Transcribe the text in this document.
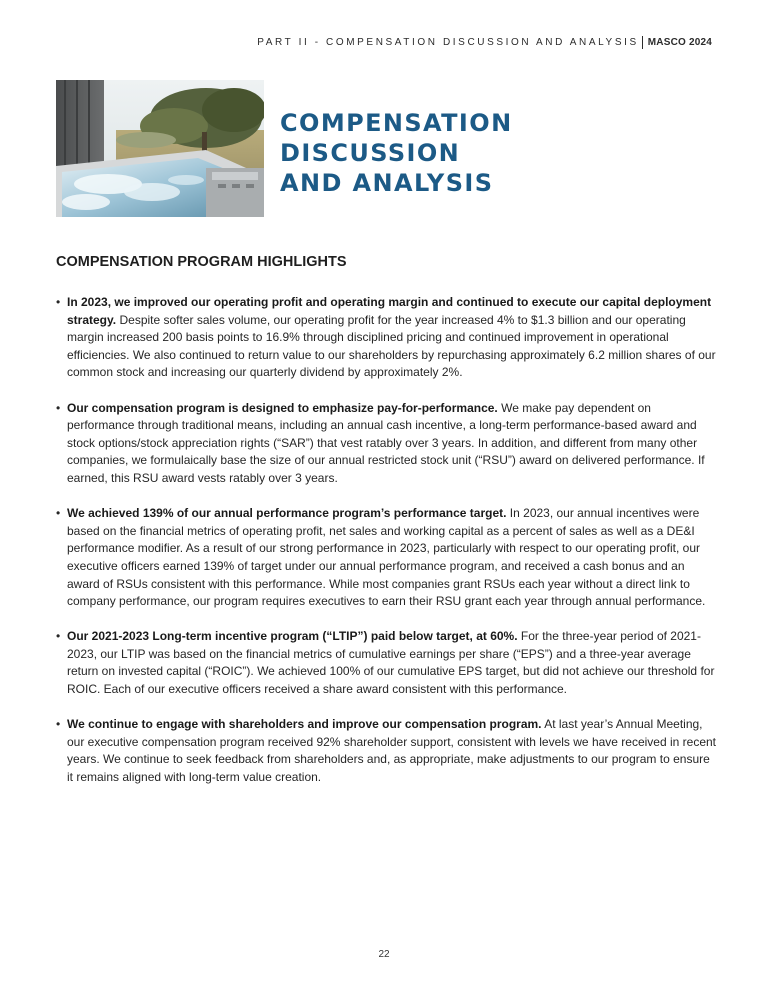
PART II - COMPENSATION DISCUSSION AND ANALYSIS MASCO 2024
COMPENSATION
DISCUSSION
AND ANALYSIS
COMPENSATION PROGRAM HIGHLIGHTS
• In 2023, we improved our operating profit and operating margin and continued to execute our capital deployment strategy. Despite softer sales volume, our operating profit for the year increased 4% to $1.3 billion and our operating margin increased 200 basis points to 16.9% through disciplined pricing and continued improvement in operational efficiencies. We also continued to return value to our shareholders by repurchasing approximately 6.2 million shares of our common stock and increasing our quarterly dividend by approximately 2%.
• Our compensation program is designed to emphasize pay-for-performance. We make pay dependent on performance through traditional means, including an annual cash incentive, a long-term performance-based award and stock options/stock appreciation rights (“SAR”) that vest ratably over 3 years. In addition, and different from many other companies, we formulaically base the size of our annual restricted stock unit (“RSU”) award on delivered performance. If earned, this RSU award vests ratably over 3 years.
• We achieved 139% of our annual performance program’s performance target. In 2023, our annual incentives were based on the financial metrics of operating profit, net sales and working capital as a percent of sales as well as a DE&I performance modifier. As a result of our strong performance in 2023, particularly with respect to our operating profit, our executive officers earned 139% of target under our annual performance program, and received a cash bonus and an award of RSUs consistent with this performance. While most companies grant RSUs each year without a direct link to company performance, our program requires executives to earn their RSU grant each year through annual performance.
• Our 2021-2023 Long-term incentive program (“LTIP”) paid below target, at 60%. For the three-year period of 2021-2023, our LTIP was based on the financial metrics of cumulative earnings per share (“EPS”) and a three-year average return on invested capital (“ROIC”). We achieved 100% of our cumulative EPS target, but did not achieve our threshold for ROIC. Each of our executive officers received a share award consistent with this performance.
• We continue to engage with shareholders and improve our compensation program. At last year’s Annual Meeting, our executive compensation program received 92% shareholder support, consistent with levels we have received in recent years. We continue to seek feedback from shareholders and, as appropriate, make adjustments to our program to ensure it remains aligned with long-term value creation.
22
